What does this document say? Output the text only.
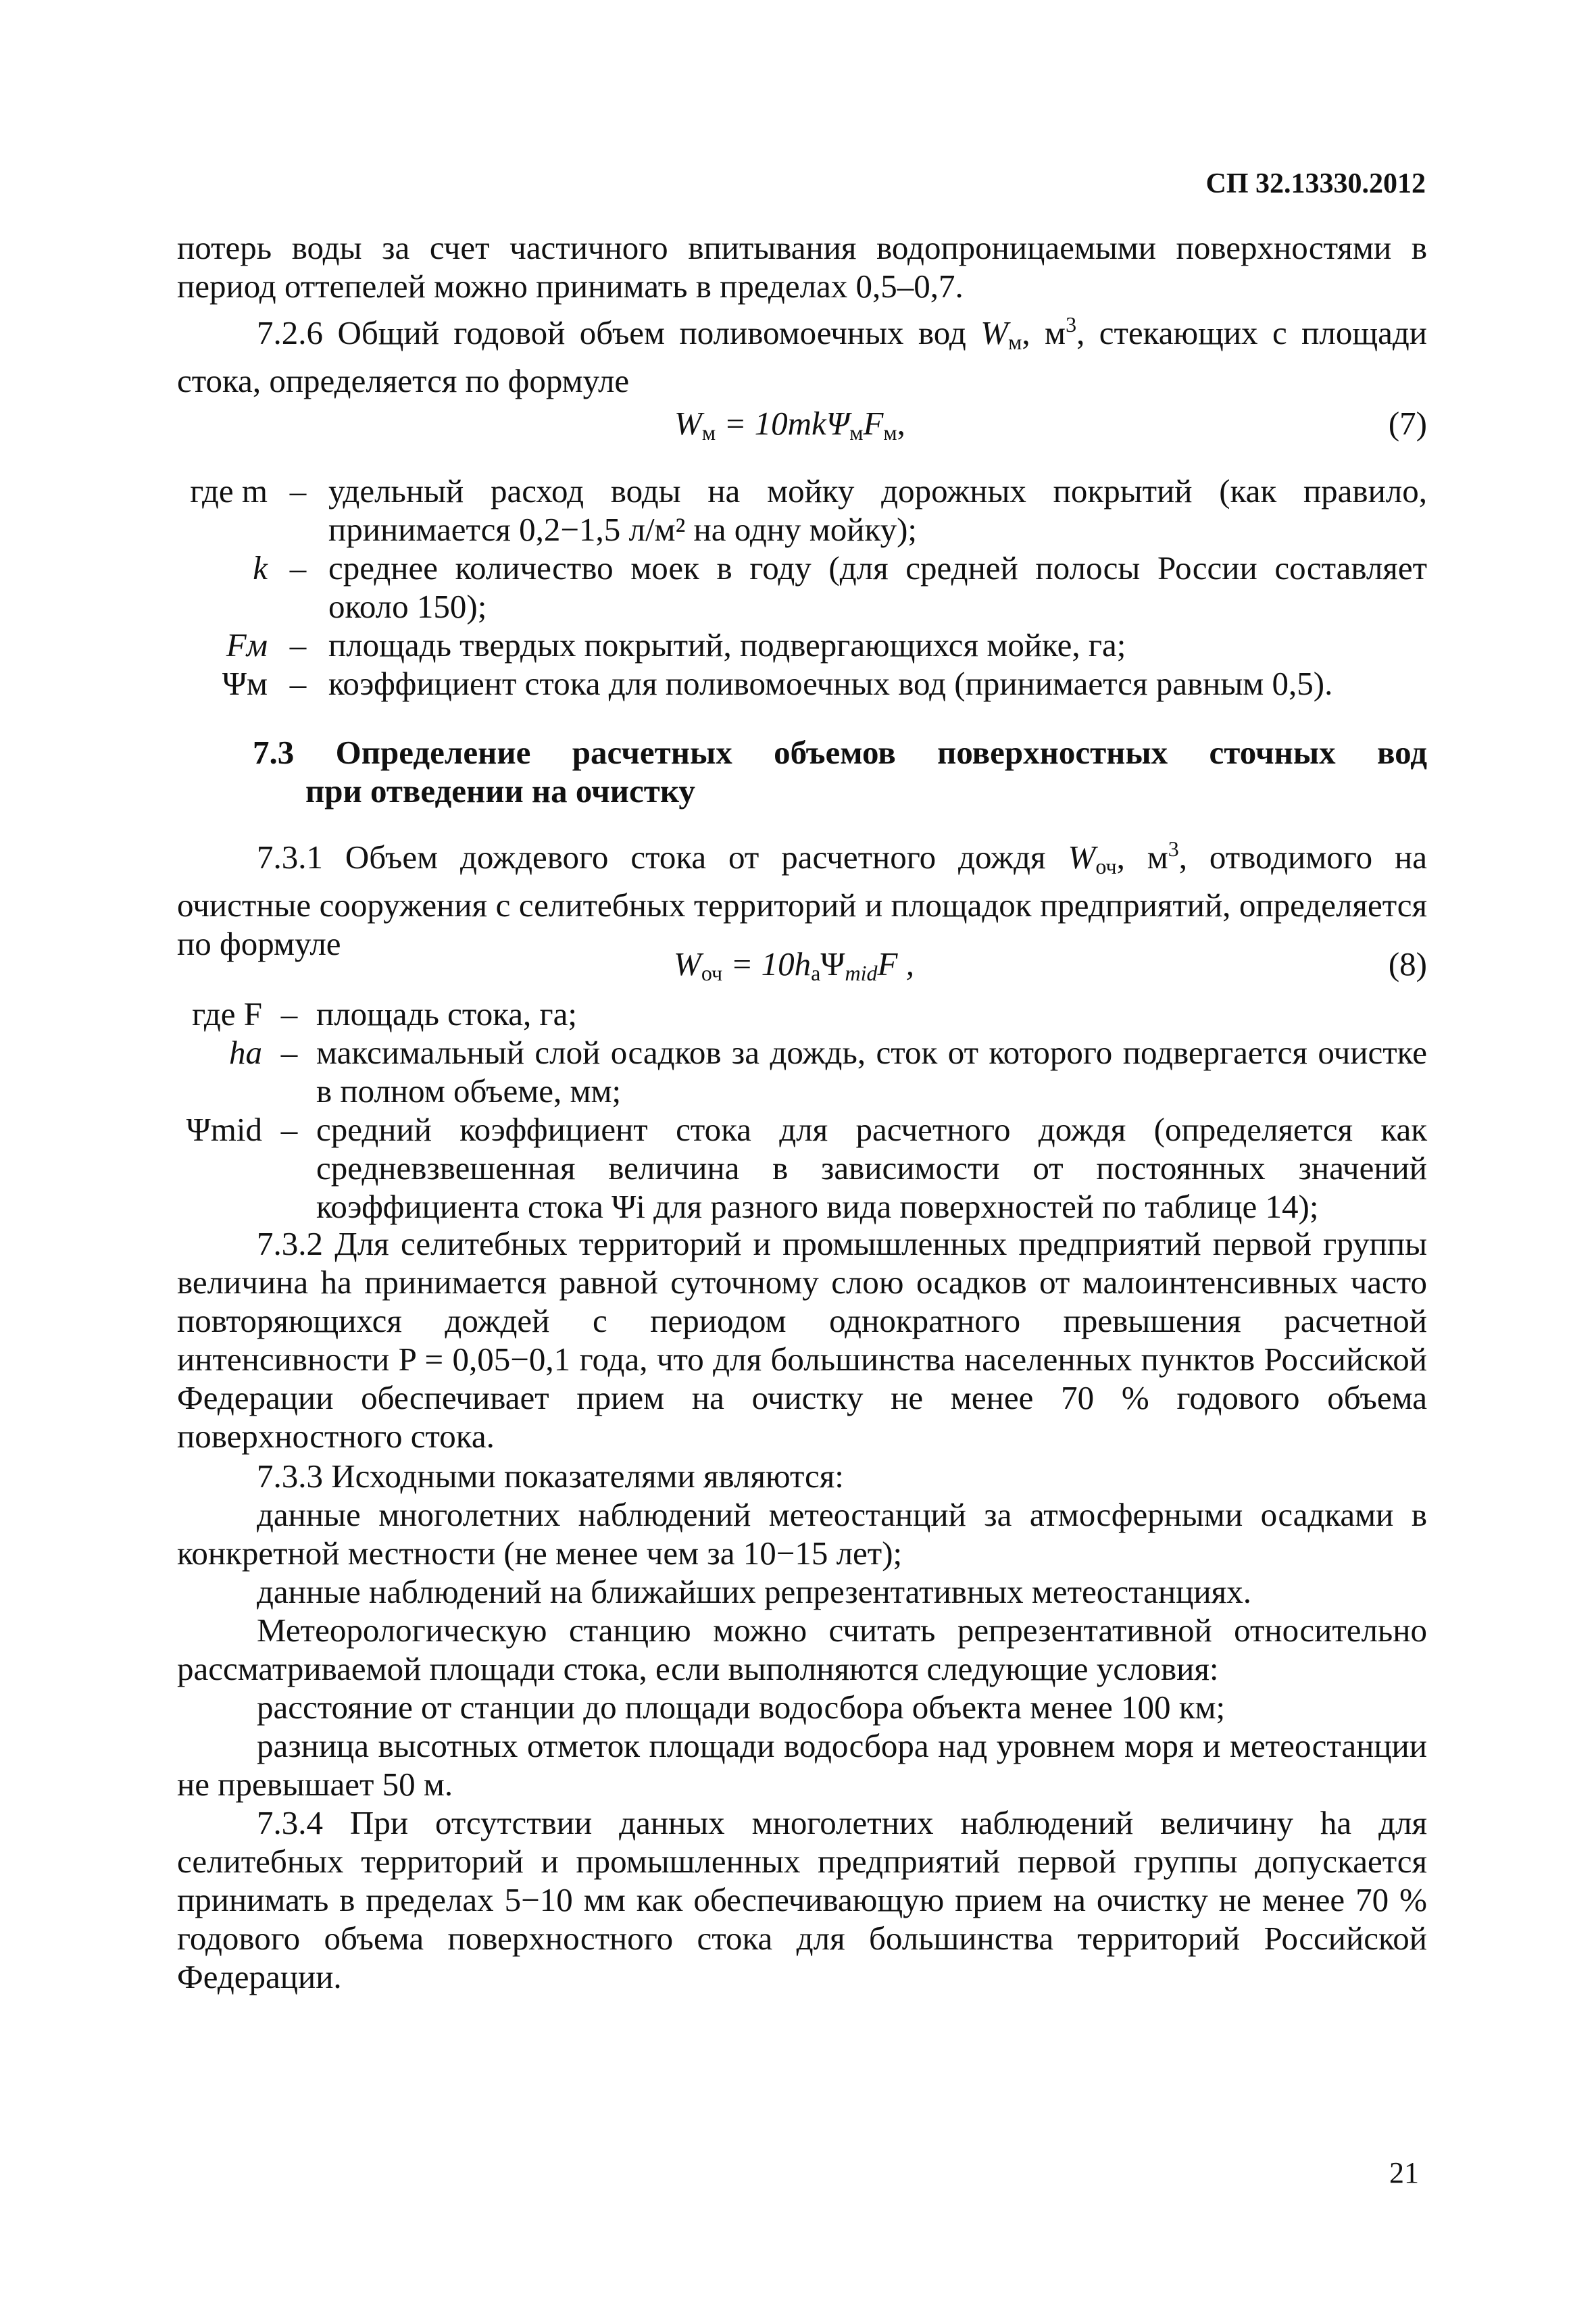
СП 32.13330.2012
потерь воды за счет частичного впитывания водопроницаемыми поверхностями в период оттепелей можно принимать в пределах 0,5–0,7.
7.2.6 Общий годовой объем поливомоечных вод $W_м$, $м^3$, стекающих с площади стока, определяется по формуле
$W_м = 10mk\Psi_мF_м$,	(7)
где m – удельный расход воды на мойку дорожных покрытий (как правило, принимается 0,2−1,5 л/м² на одну мойку);
k – среднее количество моек в году (для средней полосы России составляет около 150);
Fм – площадь твердых покрытий, подвергающихся мойке, га;
Ψм – коэффициент стока для поливомоечных вод (принимается равным 0,5).
7.3 Определение расчетных объемов поверхностных сточных вод
при отведении на очистку
7.3.1 Объем дождевого стока от расчетного дождя $W_{оч}$, $м^3$, отводимого на очистные сооружения с селитебных территорий и площадок предприятий, определяется по формуле
$W_{оч} = 10h_a\Psi_{mid}F$ ,	(8)
где F – площадь стока, га;
hа – максимальный слой осадков за дождь, сток от которого подвергается очистке в полном объеме, мм;
Ψmid – средний коэффициент стока для расчетного дождя (определяется как средневзвешенная величина в зависимости от постоянных значений коэффициента стока Ψi для разного вида поверхностей по таблице 14);
7.3.2 Для селитебных территорий и промышленных предприятий первой группы величина hа принимается равной суточному слою осадков от малоинтенсивных часто повторяющихся дождей с периодом однократного превышения расчетной интенсивности P = 0,05−0,1 года, что для большинства населенных пунктов Российской Федерации обеспечивает прием на очистку не менее 70 % годового объема поверхностного стока.
7.3.3 Исходными показателями являются:
данные многолетних наблюдений метеостанций за атмосферными осадками в конкретной местности (не менее чем за 10−15 лет);
данные наблюдений на ближайших репрезентативных метеостанциях.
Метеорологическую станцию можно считать репрезентативной относительно рассматриваемой площади стока, если выполняются следующие условия:
расстояние от станции до площади водосбора объекта менее 100 км;
разница высотных отметок площади водосбора над уровнем моря и метеостанции не превышает 50 м.
7.3.4 При отсутствии данных многолетних наблюдений величину hа для селитебных территорий и промышленных предприятий первой группы допускается принимать в пределах 5−10 мм как обеспечивающую прием на очистку не менее 70 % годового объема поверхностного стока для большинства территорий Российской Федерации.
21
